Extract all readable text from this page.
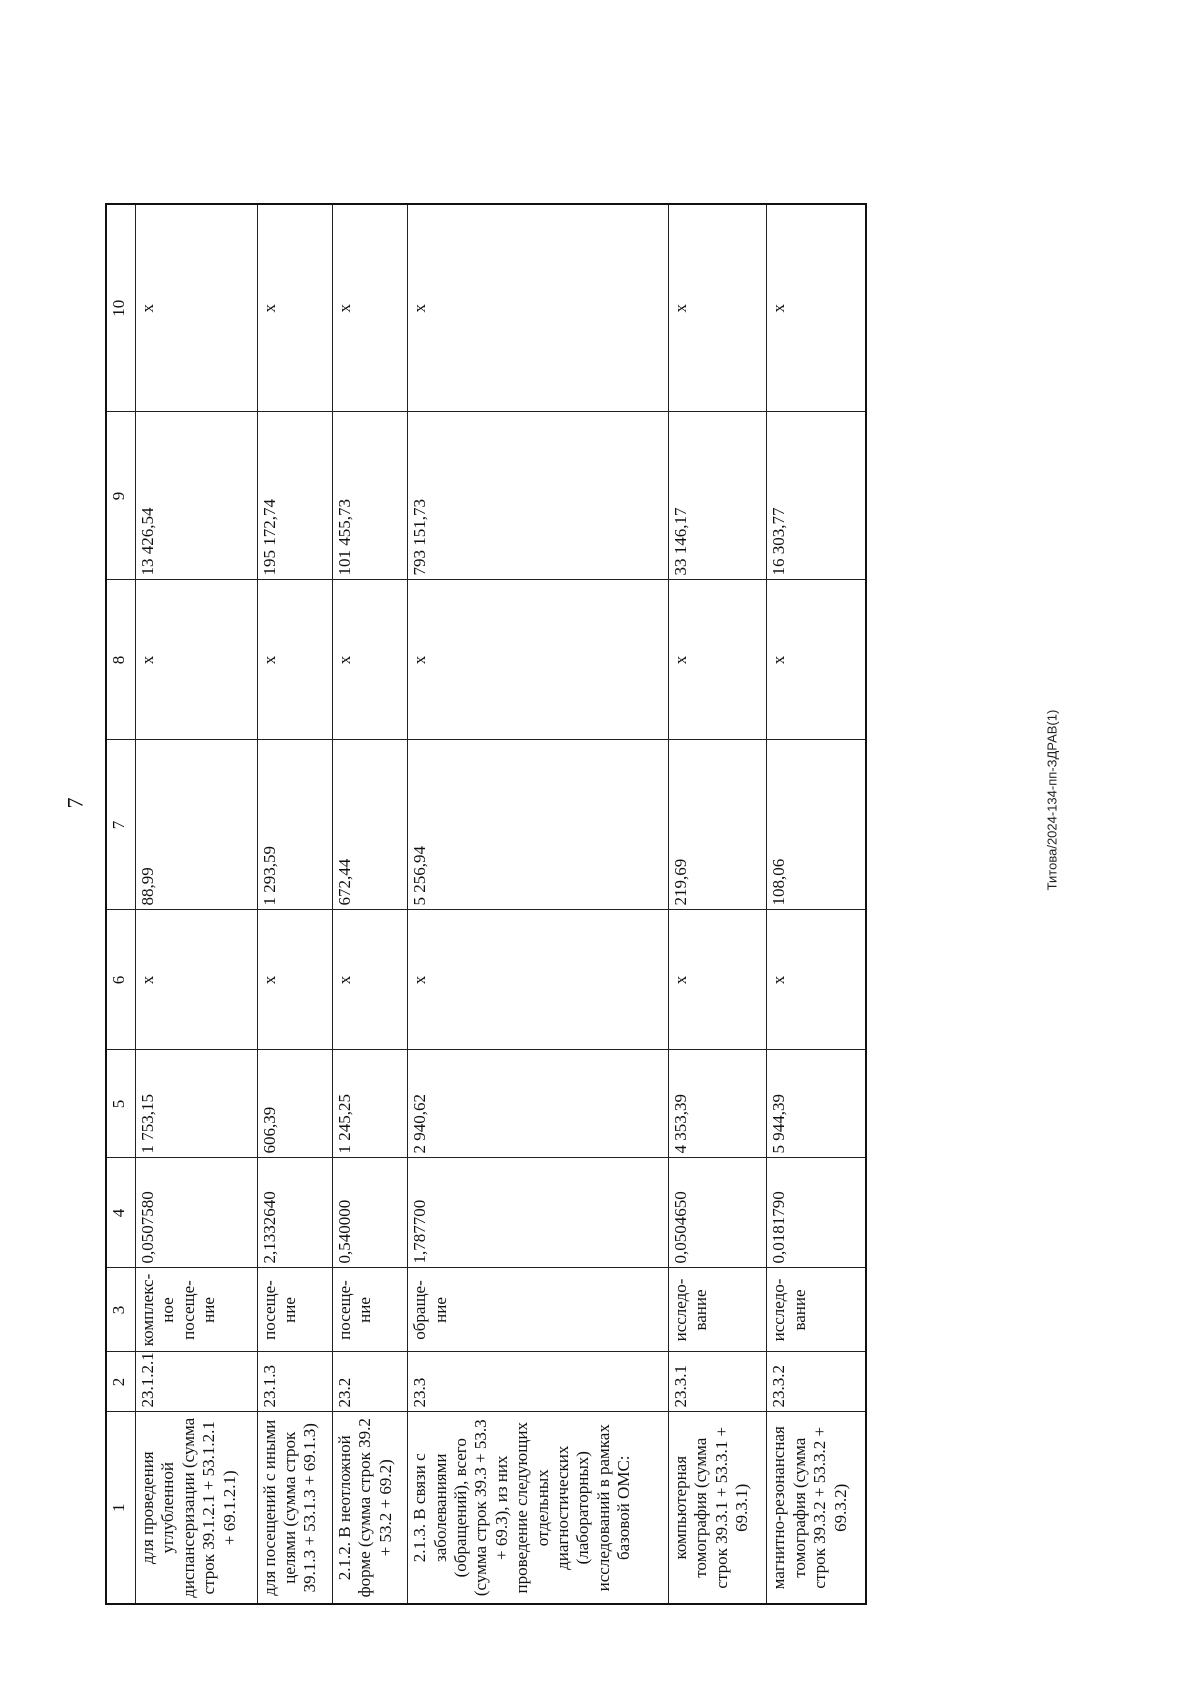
7	Титова/2024-134-пп-ЗДРАВ(1)
1	2	3	4	5	6	7	8	9	10
для проведения углубленной диспансеризации (сумма строк 39.1.2.1 + 53.1.2.1 + 69.1.2.1)	23.1.2.1	комплекс-ное посеще-ние	0,0507580	1 753,15	х	88,99	х	13 426,54	х
для посещений с иными целями (сумма строк 39.1.3 + 53.1.3 + 69.1.3)	23.1.3	посеще-ние	2,1332640	606,39	х	1 293,59	х	195 172,74	х
2.1.2. В неотложной форме (сумма строк 39.2 + 53.2 + 69.2)	23.2	посеще-ние	0,540000	1 245,25	х	672,44	х	101 455,73	х
2.1.3. В связи с заболеваниями (обращений), всего (сумма строк 39.3 + 53.3 + 69.3), из них проведение следующих отдельных диагностических (лабораторных) исследований в рамках базовой ОМС:	23.3	обраще-ние	1,787700	2 940,62	х	5 256,94	х	793 151,73	х
компьютерная томография (сумма строк 39.3.1 + 53.3.1 + 69.3.1)	23.3.1	исследо-вание	0,0504650	4 353,39	х	219,69	х	33 146,17	х
магнитно-резонансная томография (сумма строк 39.3.2 + 53.3.2 + 69.3.2)	23.3.2	исследо-вание	0,0181790	5 944,39	х	108,06	х	16 303,77	х
